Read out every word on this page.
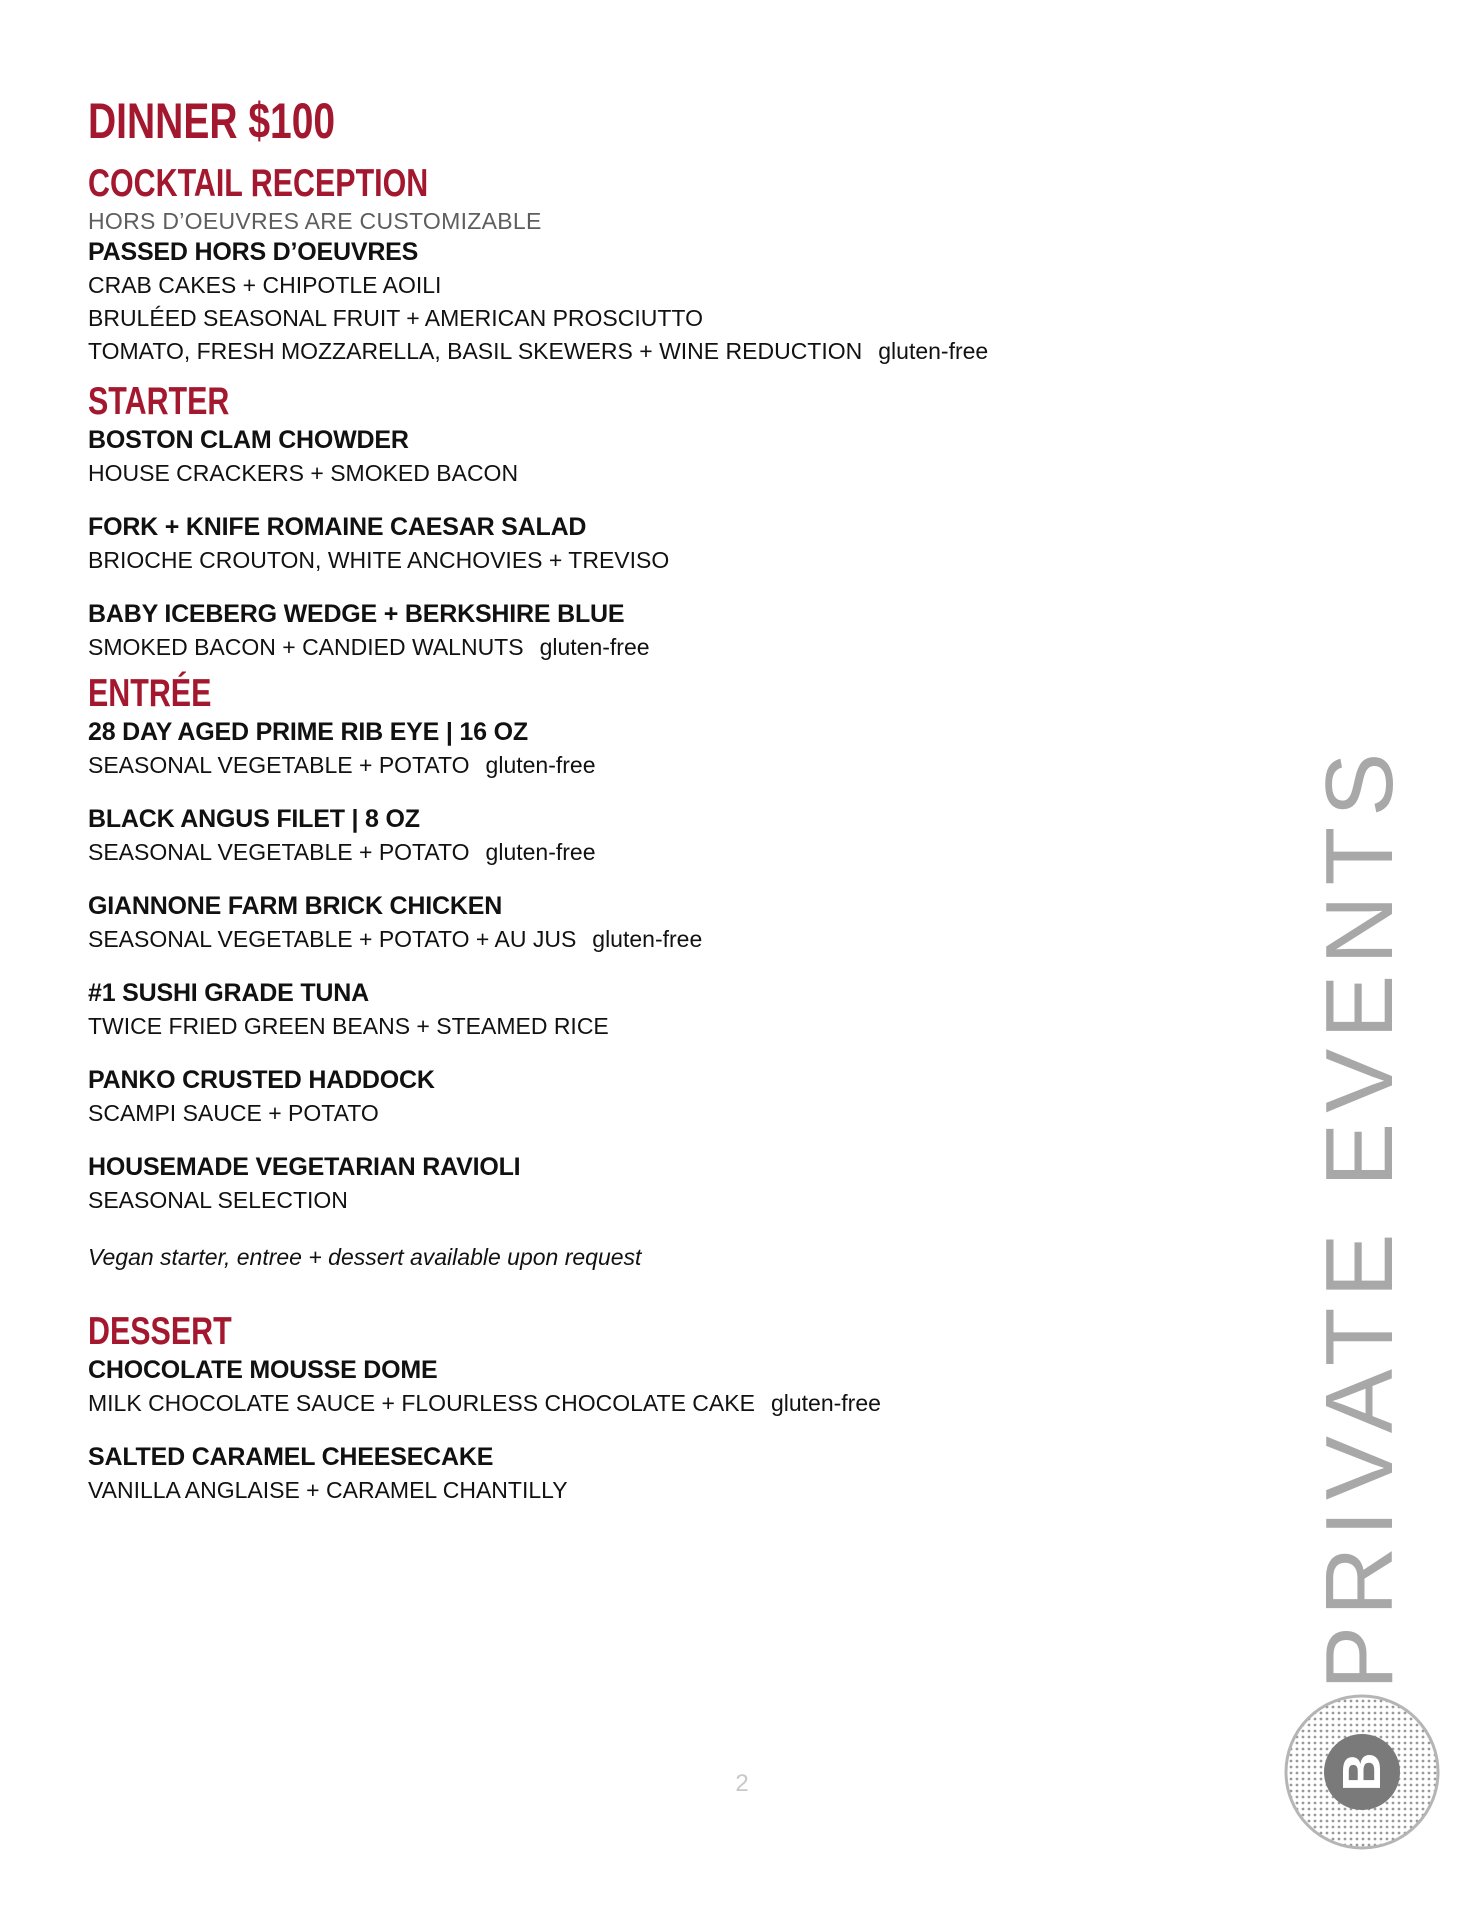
DINNER $100
COCKTAIL RECEPTION
HORS D’OEUVRES ARE CUSTOMIZABLE
PASSED HORS D’OEUVRES
CRAB CAKES + CHIPOTLE AOILI
BRULÉED SEASONAL FRUIT + AMERICAN PROSCIUTTO
TOMATO, FRESH MOZZARELLA, BASIL SKEWERS + WINE REDUCTION gluten-free
STARTER
BOSTON CLAM CHOWDER
HOUSE CRACKERS + SMOKED BACON
FORK + KNIFE ROMAINE CAESAR SALAD
BRIOCHE CROUTON, WHITE ANCHOVIES + TREVISO
BABY ICEBERG WEDGE + BERKSHIRE BLUE
SMOKED BACON + CANDIED WALNUTS gluten-free
ENTRÉE
28 DAY AGED PRIME RIB EYE | 16 OZ
SEASONAL VEGETABLE + POTATO gluten-free
BLACK ANGUS FILET | 8 OZ
SEASONAL VEGETABLE + POTATO gluten-free
GIANNONE FARM BRICK CHICKEN
SEASONAL VEGETABLE + POTATO + AU JUS gluten-free
#1 SUSHI GRADE TUNA
TWICE FRIED GREEN BEANS + STEAMED RICE
PANKO CRUSTED HADDOCK
SCAMPI SAUCE + POTATO
HOUSEMADE VEGETARIAN RAVIOLI
SEASONAL SELECTION
Vegan starter, entree + dessert available upon request
DESSERT
CHOCOLATE MOUSSE DOME
MILK CHOCOLATE SAUCE + FLOURLESS CHOCOLATE CAKE gluten-free
SALTED CARAMEL CHEESECAKE
VANILLA ANGLAISE + CARAMEL CHANTILLY
2
PRIVATE EVENTS
B
